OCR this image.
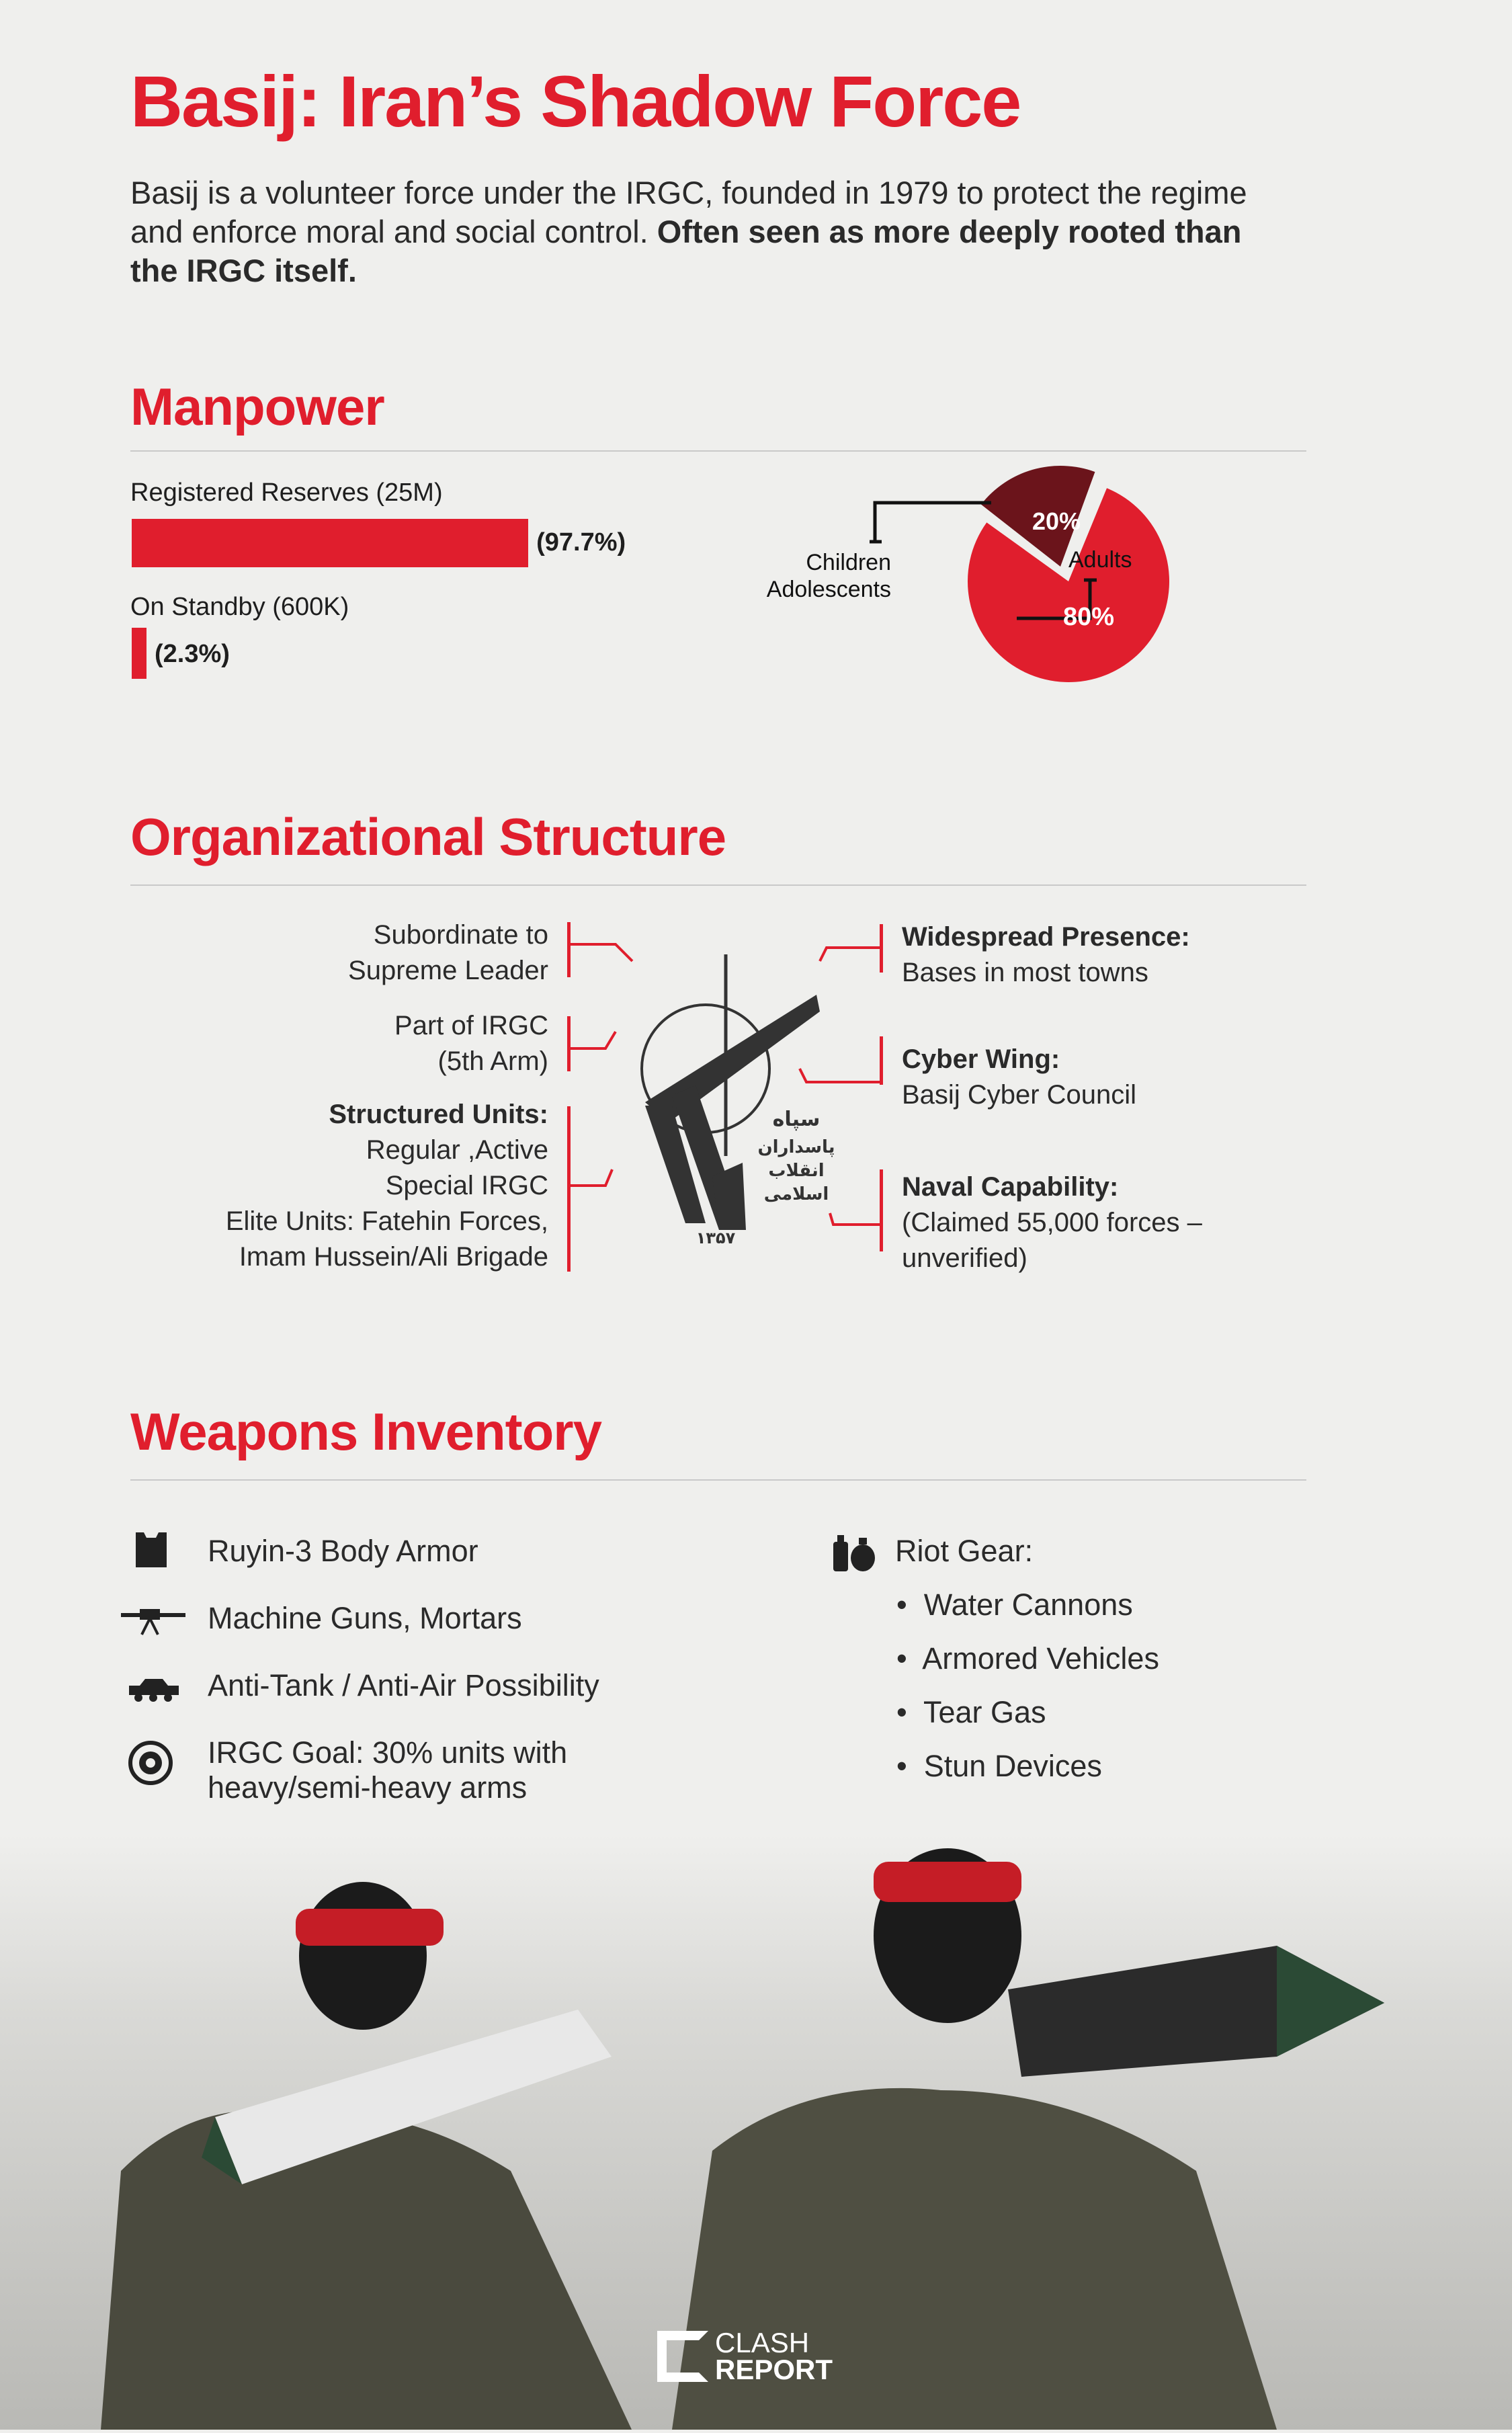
Basij: Iran’s Shadow Force

Basij is a volunteer force under the IRGC, founded in 1979 to protect the regime and enforce moral and social control. Often seen as more deeply rooted than the IRGC itself.

Manpower
Registered Reserves (25M)
(97.7%)
On Standby (600K)
(2.3%)
20%
80%
Children
Adolescents
Adults
Organizational Structure
Subordinate to
Supreme Leader
Part of IRGC
(5th Arm)
Structured Units:
Regular ,Active
Special IRGC
Elite Units: Fatehin Forces,
Imam Hussein/Ali Brigade
سپاه
پاسداران
انقلاب
اسلامی
۱۳۵۷
Widespread Presence:
Bases in most towns
Cyber Wing:
Basij Cyber Council
Naval Capability:
(Claimed 55,000 forces –
unverified)
Weapons Inventory
Ruyin-3 Body Armor
Machine Guns, Mortars
Anti-Tank / Anti-Air Possibility
IRGC Goal: 30% units with heavy/semi-heavy arms
Riot Gear:
•  Water Cannons
•  Armored Vehicles
•  Tear Gas
•  Stun Devices
CLASH
REPORT
